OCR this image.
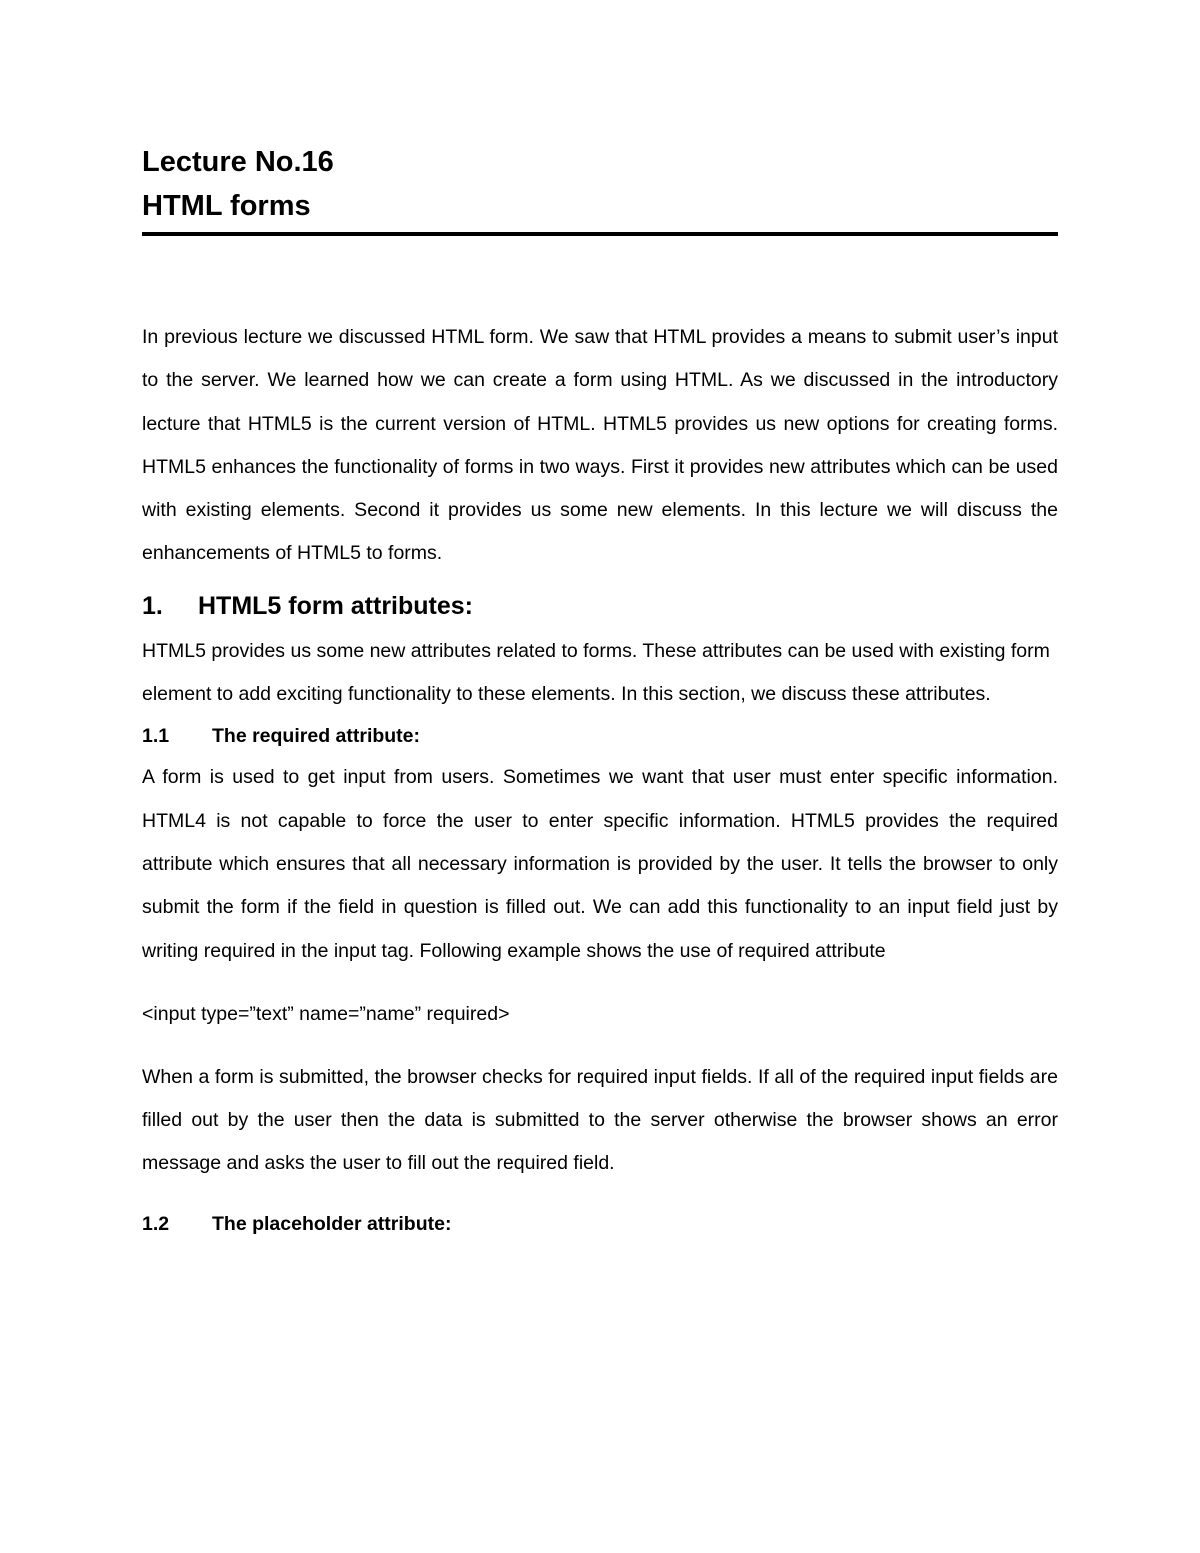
Lecture No.16

HTML forms

In previous lecture we discussed HTML form. We saw that HTML provides a means to submit user’s input to the server. We learned how we can create a form using HTML. As we discussed in the introductory lecture that HTML5 is the current version of HTML. HTML5 provides us new options for creating forms. HTML5 enhances the functionality of forms in two ways. First it provides new attributes which can be used with existing elements. Second it provides us some new elements. In this lecture we will discuss the enhancements of HTML5 to forms.
1.	HTML5 form attributes:
HTML5 provides us some new attributes related to forms. These attributes can be used with existing form element to add exciting functionality to these elements. In this section, we discuss these attributes.
1.1	The required attribute:
A form is used to get input from users. Sometimes we want that user must enter specific information. HTML4 is not capable to force the user to enter specific information. HTML5 provides the required attribute which ensures that all necessary information is provided by the user. It tells the browser to only submit the form if the field in question is filled out. We can add this functionality to an input field just by writing required in the input tag. Following example shows the use of required attribute
<input type=”text” name=”name” required>
When a form is submitted, the browser checks for required input fields. If all of the required input fields are filled out by the user then the data is submitted to the server otherwise the browser shows an error message and asks the user to fill out the required field.
1.2	The placeholder attribute:
